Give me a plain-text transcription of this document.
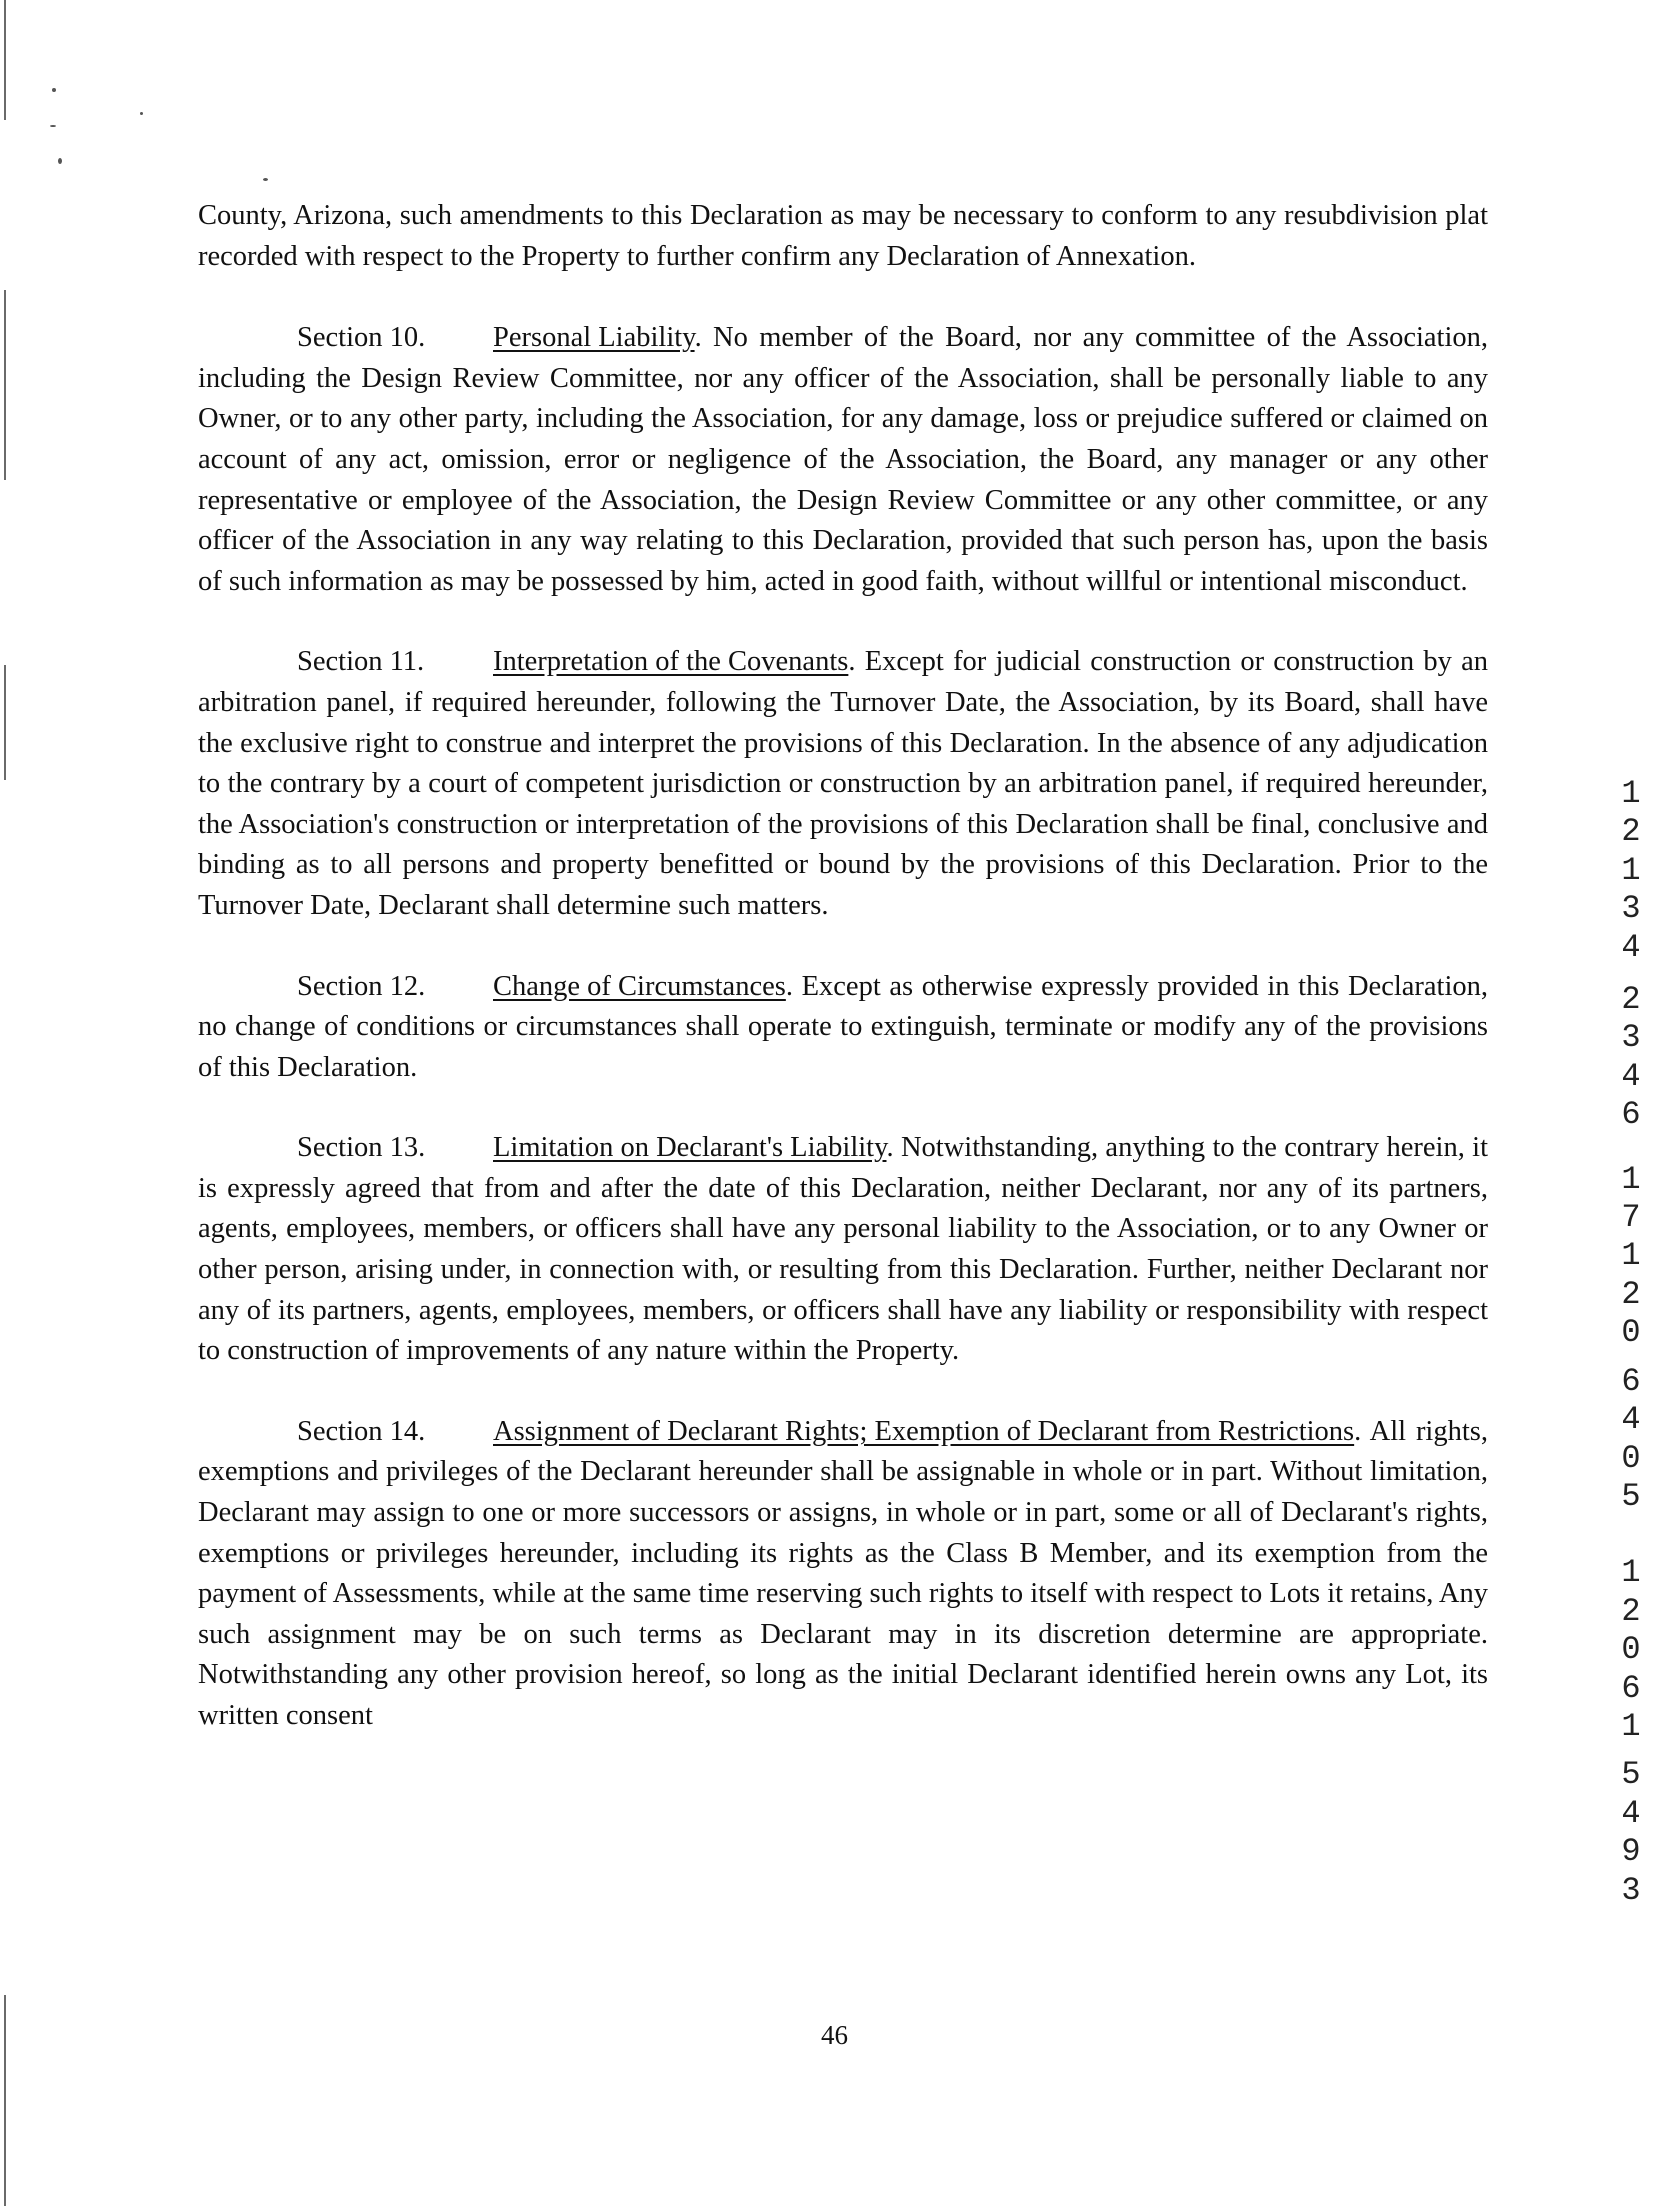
County, Arizona, such amendments to this Declaration as may be necessary to conform to any resubdivision plat recorded with respect to the Property to further confirm any Declaration of Annexation.

Section 10. Personal Liability. No member of the Board, nor any committee of the Association, including the Design Review Committee, nor any officer of the Association, shall be personally liable to any Owner, or to any other party, including the Association, for any damage, loss or prejudice suffered or claimed on account of any act, omission, error or negligence of the Association, the Board, any manager or any other representative or employee of the Association, the Design Review Committee or any other committee, or any officer of the Association in any way relating to this Declaration, provided that such person has, upon the basis of such information as may be possessed by him, acted in good faith, without willful or intentional misconduct.

Section 11. Interpretation of the Covenants. Except for judicial construction or construction by an arbitration panel, if required hereunder, following the Turnover Date, the Association, by its Board, shall have the exclusive right to construe and interpret the provisions of this Declaration. In the absence of any adjudication to the contrary by a court of competent jurisdiction or construction by an arbitration panel, if required hereunder, the Association's construction or interpretation of the provisions of this Declaration shall be final, conclusive and binding as to all persons and property benefitted or bound by the provisions of this Declaration. Prior to the Turnover Date, Declarant shall determine such matters.

Section 12. Change of Circumstances. Except as otherwise expressly provided in this Declaration, no change of conditions or circumstances shall operate to extinguish, terminate or modify any of the provisions of this Declaration.

Section 13. Limitation on Declarant's Liability. Notwithstanding, anything to the contrary herein, it is expressly agreed that from and after the date of this Declaration, neither Declarant, nor any of its partners, agents, employees, members, or officers shall have any personal liability to the Association, or to any Owner or other person, arising under, in connection with, or resulting from this Declaration. Further, neither Declarant nor any of its partners, agents, employees, members, or officers shall have any liability or responsibility with respect to construction of improvements of any nature within the Property.

Section 14. Assignment of Declarant Rights; Exemption of Declarant from Restrictions. All rights, exemptions and privileges of the Declarant hereunder shall be assignable in whole or in part. Without limitation, Declarant may assign to one or more successors or assigns, in whole or in part, some or all of Declarant's rights, exemptions or privileges hereunder, including its rights as the Class B Member, and its exemption from the payment of Assessments, while at the same time reserving such rights to itself with respect to Lots it retains, Any such assignment may be on such terms as Declarant may in its discretion determine are appropriate. Notwithstanding any other provision hereof, so long as the initial Declarant identified herein owns any Lot, its written consent

1
2
1
3
4
2
3
4
6
1
7
1
2
0
6
4
0
5
1
2
0
6
1
5
4
9
3
46
